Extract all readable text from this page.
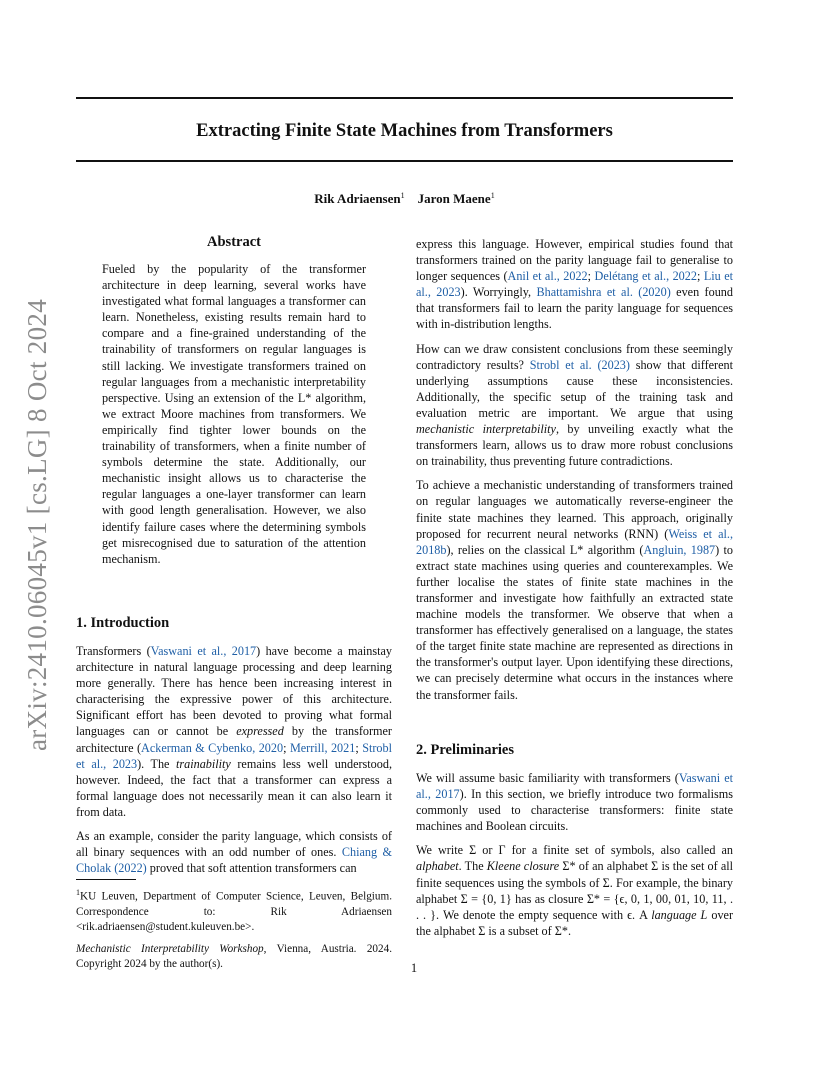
Extracting Finite State Machines from Transformers
Rik Adriaensen$^1$ Jaron Maene$^1$
arXiv:2410.06045v1 [cs.LG] 8 Oct 2024
Abstract

Fueled by the popularity of the transformer architecture in deep learning, several works have investigated what formal languages a transformer can learn. Nonetheless, existing results remain hard to compare and a fine-grained understanding of the trainability of transformers on regular languages is still lacking. We investigate transformers trained on regular languages from a mechanistic interpretability perspective. Using an extension of the L* algorithm, we extract Moore machines from transformers. We empirically find tighter lower bounds on the trainability of transformers, when a finite number of symbols determine the state. Additionally, our mechanistic insight allows us to characterise the regular languages a one-layer transformer can learn with good length generalisation. However, we also identify failure cases where the determining symbols get misrecognised due to saturation of the attention mechanism.

1. Introduction

Transformers (Vaswani et al., 2017) have become a mainstay architecture in natural language processing and deep learning more generally. There has hence been increasing interest in characterising the expressive power of this architecture. Significant effort has been devoted to proving what formal languages can or cannot be expressed by the transformer architecture (Ackerman & Cybenko, 2020; Merrill, 2021; Strobl et al., 2023). The trainability remains less well understood, however. Indeed, the fact that a transformer can express a formal language does not necessarily mean it can also learn it from data.

As an example, consider the parity language, which consists of all binary sequences with an odd number of ones. Chiang & Cholak (2022) proved that soft attention transformers can

$^1$KU Leuven, Department of Computer Science, Leuven, Belgium. Correspondence to: Rik Adriaensen <rik.adriaensen@student.kuleuven.be>.
Mechanistic Interpretability Workshop, Vienna, Austria. 2024. Copyright 2024 by the author(s).

express this language. However, empirical studies found that transformers trained on the parity language fail to generalise to longer sequences (Anil et al., 2022; Delétang et al., 2022; Liu et al., 2023). Worryingly, Bhattamishra et al. (2020) even found that transformers fail to learn the parity language for sequences with in-distribution lengths.

How can we draw consistent conclusions from these seemingly contradictory results? Strobl et al. (2023) show that different underlying assumptions cause these inconsistencies. Additionally, the specific setup of the training task and evaluation metric are important. We argue that using mechanistic interpretability, by unveiling exactly what the transformers learn, allows us to draw more robust conclusions on trainability, thus preventing future contradictions.

To achieve a mechanistic understanding of transformers trained on regular languages we automatically reverse-engineer the finite state machines they learned. This approach, originally proposed for recurrent neural networks (RNN) (Weiss et al., 2018b), relies on the classical L* algorithm (Angluin, 1987) to extract state machines using queries and counterexamples. We further localise the states of finite state machines in the transformer and investigate how faithfully an extracted state machine models the transformer. We observe that when a transformer has effectively generalised on a language, the states of the target finite state machine are represented as directions in the transformer's output layer. Upon identifying these directions, we can precisely determine what occurs in the instances where the transformer fails.

2. Preliminaries

We will assume basic familiarity with transformers (Vaswani et al., 2017). In this section, we briefly introduce two formalisms commonly used to characterise transformers: finite state machines and Boolean circuits.

We write Σ or Γ for a finite set of symbols, also called an alphabet. The Kleene closure Σ* of an alphabet Σ is the set of all finite sequences using the symbols of Σ. For example, the binary alphabet Σ = {0, 1} has as closure Σ* = {ϵ, 0, 1, 00, 01, 10, 11, . . . }. We denote the empty sequence with ϵ. A language L over the alphabet Σ is a subset of Σ*.

1
